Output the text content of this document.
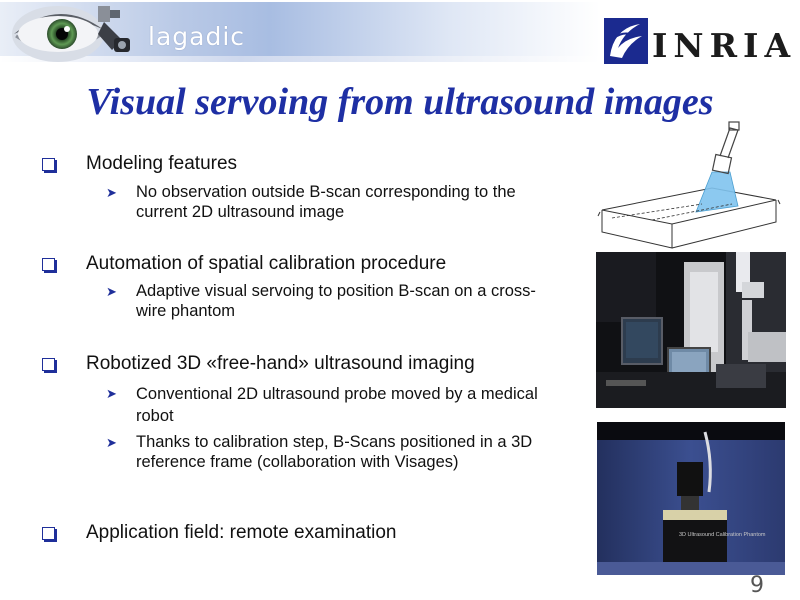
lagadic	INRIA
Visual servoing from ultrasound images
Modeling features
➤ No observation outside B-scan corresponding to the current 2D ultrasound image
Automation of spatial calibration procedure
➤ Adaptive visual servoing to position B-scan on a cross-wire phantom
Robotized 3D «free-hand» ultrasound imaging
➤ Conventional 2D ultrasound probe moved by a medical robot
➤ Thanks to calibration step, B-Scans positioned in a 3D reference frame (collaboration with Visages)
Application field: remote examination	3D Ultrasound Calibration Phantom
9
